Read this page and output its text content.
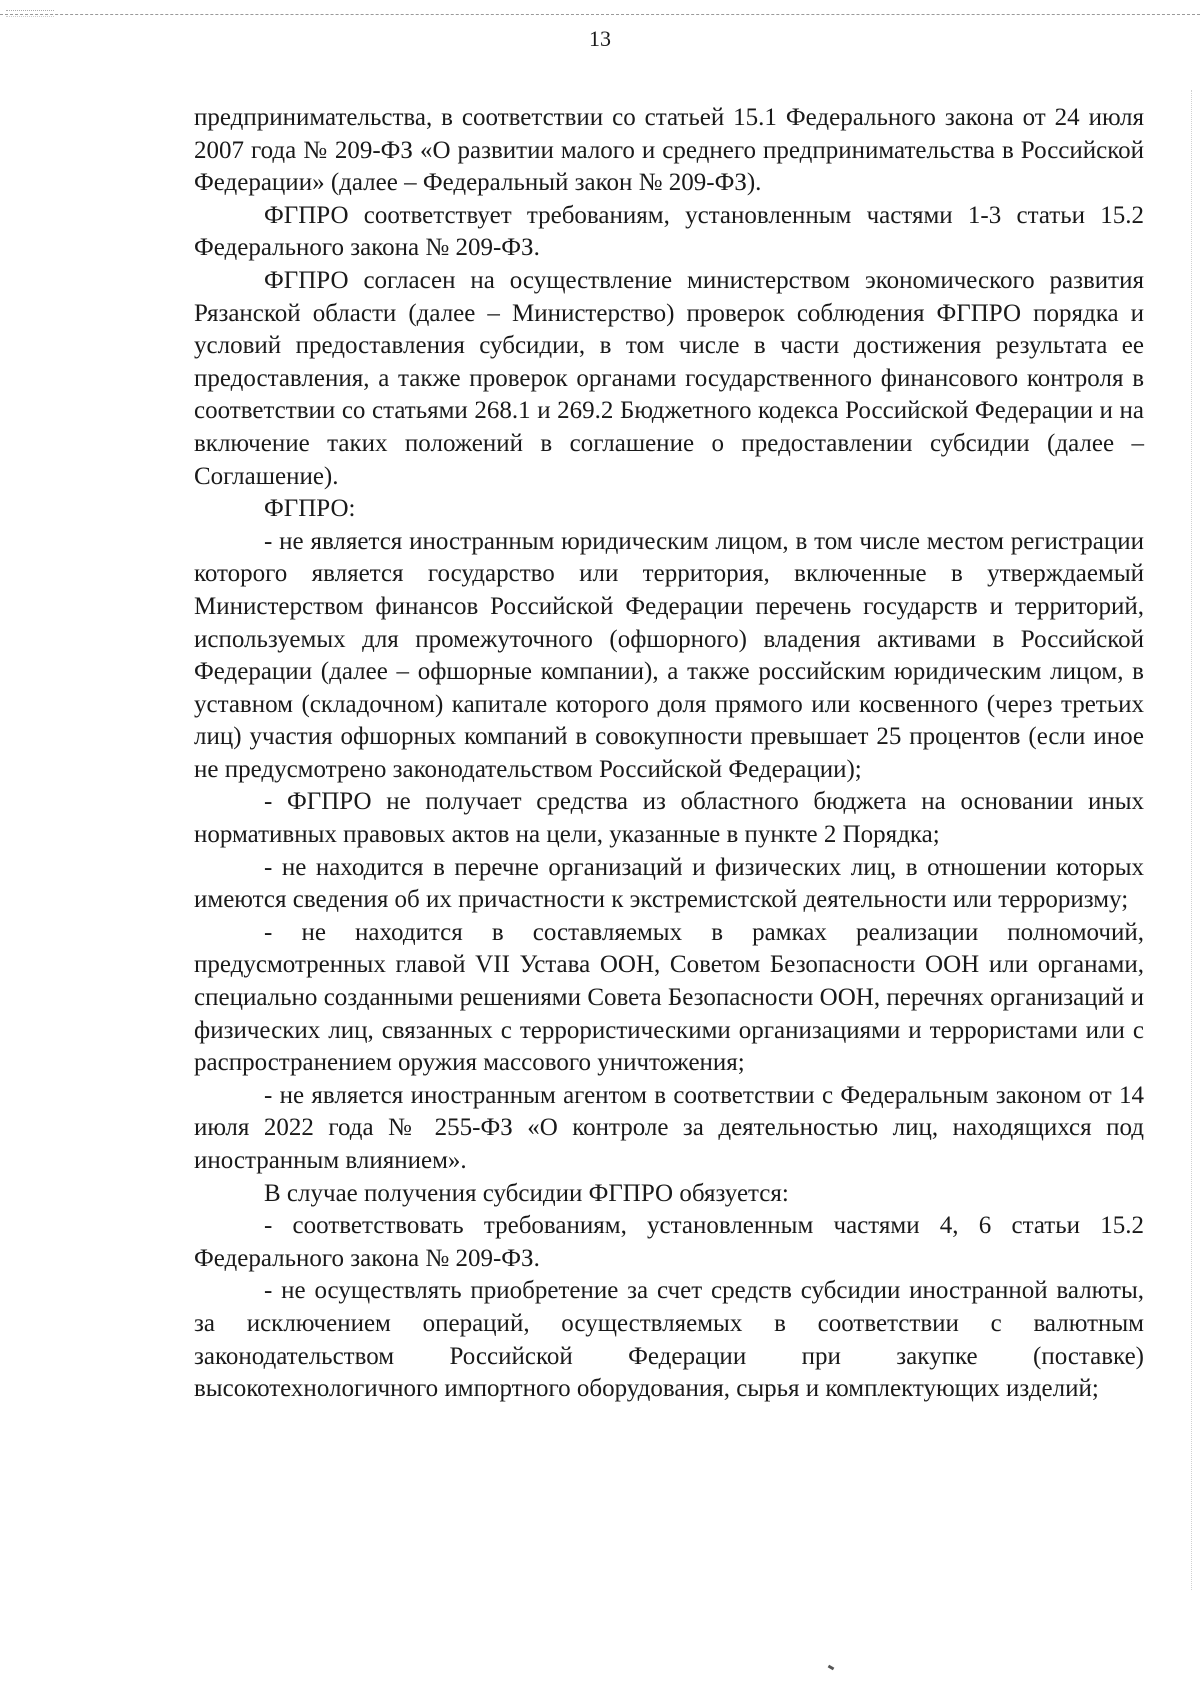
13

предпринимательства, в соответствии со статьей 15.1 Федерального закона от 24 июля 2007 года № 209-ФЗ «О развитии малого и среднего предпринимательства в Российской Федерации» (далее – Федеральный закон № 209-ФЗ).

ФГПРО соответствует требованиям, установленным частями 1-3 статьи 15.2 Федерального закона № 209-ФЗ.

ФГПРО согласен на осуществление министерством экономического развития Рязанской области (далее – Министерство) проверок соблюдения ФГПРО порядка и условий предоставления субсидии, в том числе в части достижения результата ее предоставления, а также проверок органами государственного финансового контроля в соответствии со статьями 268.1 и 269.2 Бюджетного кодекса Российской Федерации и на включение таких положений в соглашение о предоставлении субсидии (далее – Соглашение).

ФГПРО:

- не является иностранным юридическим лицом, в том числе местом регистрации которого является государство или территория, включенные в утверждаемый Министерством финансов Российской Федерации перечень государств и территорий, используемых для промежуточного (офшорного) владения активами в Российской Федерации (далее – офшорные компании), а также российским юридическим лицом, в уставном (складочном) капитале которого доля прямого или косвенного (через третьих лиц) участия офшорных компаний в совокупности превышает 25 процентов (если иное не предусмотрено законодательством Российской Федерации);

- ФГПРО не получает средства из областного бюджета на основании иных нормативных правовых актов на цели, указанные в пункте 2 Порядка;

- не находится в перечне организаций и физических лиц, в отношении которых имеются сведения об их причастности к экстремистской деятельности или терроризму;

- не находится в составляемых в рамках реализации полномочий, предусмотренных главой VII Устава ООН, Советом Безопасности ООН или органами, специально созданными решениями Совета Безопасности ООН, перечнях организаций и физических лиц, связанных с террористическими организациями и террористами или с распространением оружия массового уничтожения;

- не является иностранным агентом в соответствии с Федеральным законом от 14 июля 2022 года № 255-ФЗ «О контроле за деятельностью лиц, находящихся под иностранным влиянием».

В случае получения субсидии ФГПРО обязуется:

- соответствовать требованиям, установленным частями 4, 6 статьи 15.2 Федерального закона № 209-ФЗ.

- не осуществлять приобретение за счет средств субсидии иностранной валюты, за исключением операций, осуществляемых в соответствии с валютным законодательством Российской Федерации при закупке (поставке) высокотехнологичного импортного оборудования, сырья и комплектующих изделий;
